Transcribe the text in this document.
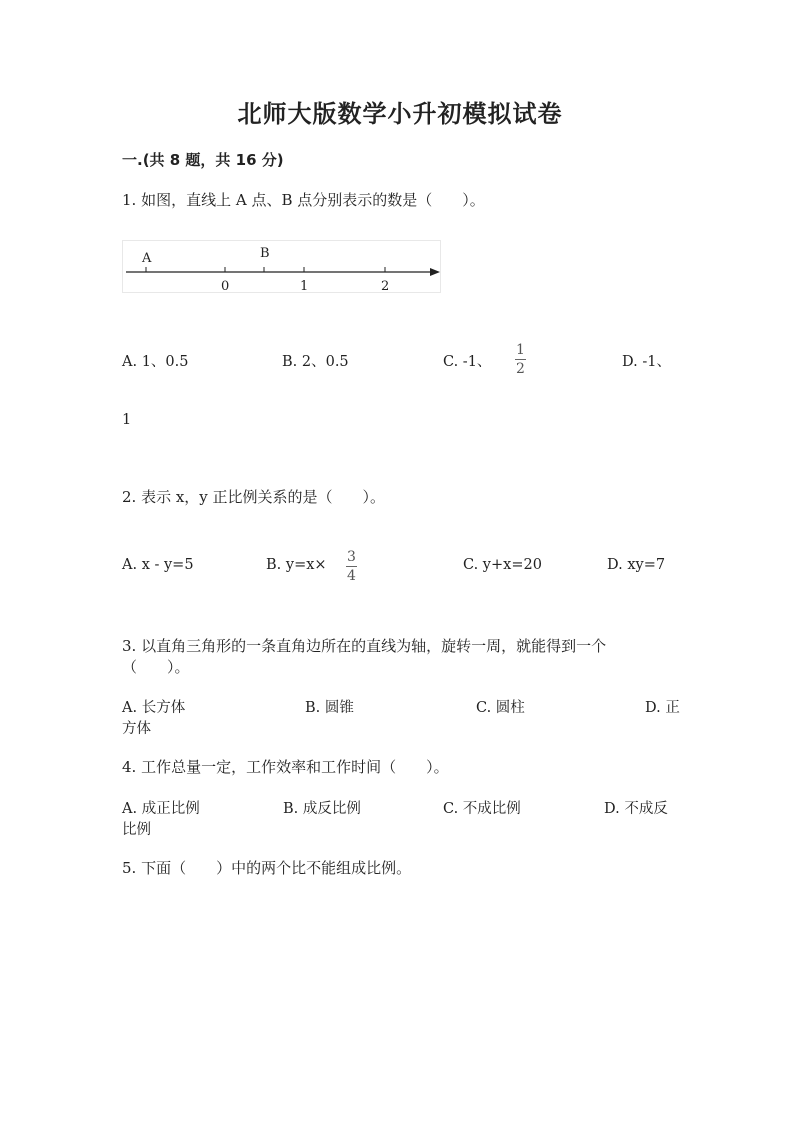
北师大版数学小升初模拟试卷
一.(共 8 题，共 16 分)
1. 如图，直线上 A 点、B 点分别表示的数是（　　）。
A	B
0	1	2
A. 1、0.5	B. 2、0.5	C. -1、
1
2	D. -1、
1
2. 表示 x，y 正比例关系的是（　　）。
A. x - y=5	B. y=x× 3
4
C. y+x=20	D. xy=7
3. 以直角三角形的一条直角边所在的直线为轴，旋转一周，就能得到一个
（　　）。
A. 长方体	B. 圆锥	C. 圆柱	D. 正
方体
4. 工作总量一定，工作效率和工作时间（　　）。
A. 成正比例	B. 成反比例	C. 不成比例	D. 不成反
比例
5. 下面（　　）中的两个比不能组成比例。
